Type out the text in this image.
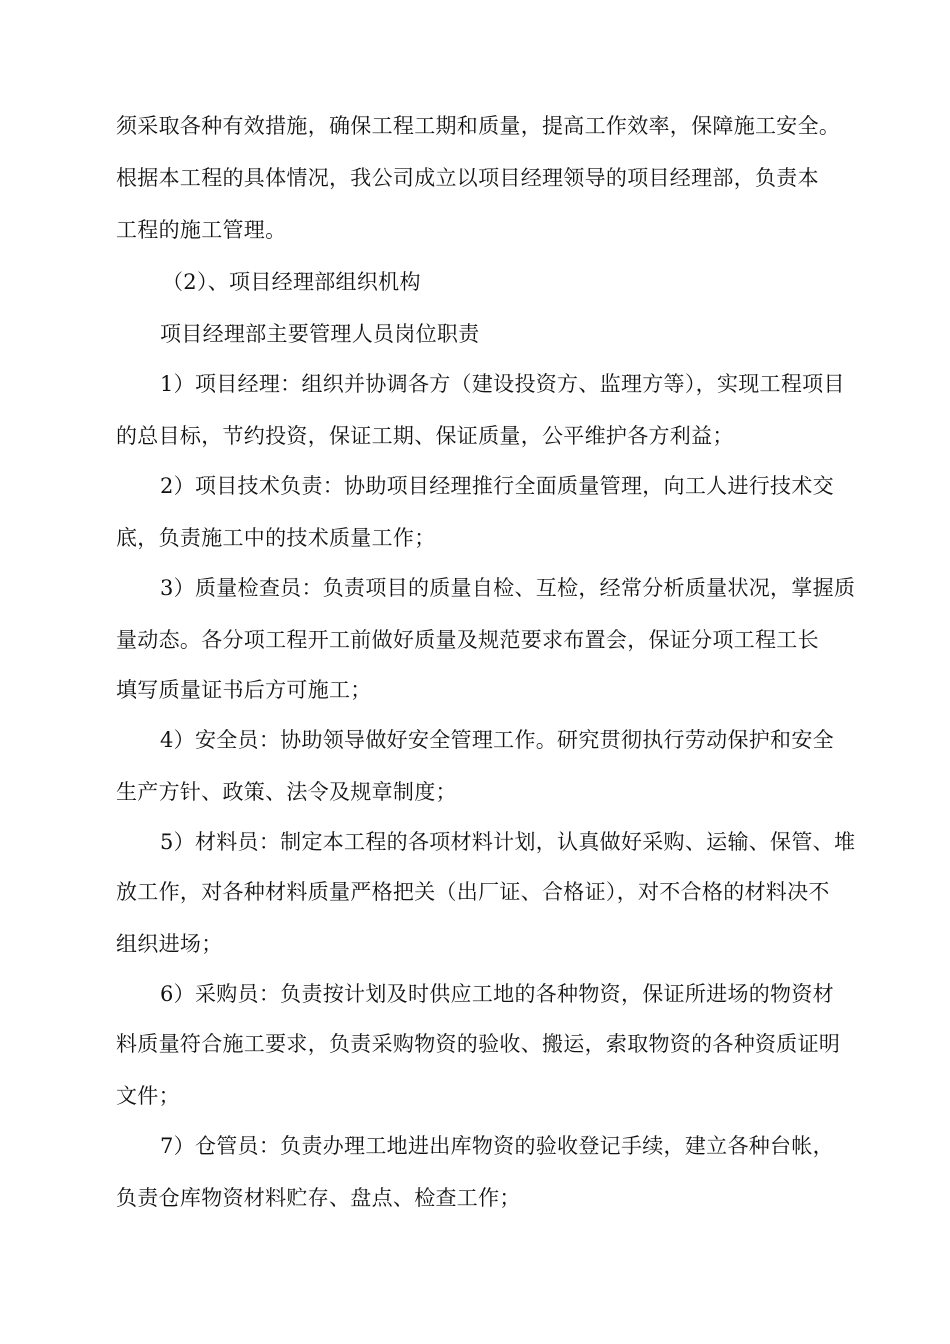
须采取各种有效措施，确保工程工期和质量，提高工作效率，保障施工安全。
根据本工程的具体情况，我公司成立以项目经理领导的项目经理部，负责本
工程的施工管理。
（2）、项目经理部组织机构
项目经理部主要管理人员岗位职责
1）项目经理：组织并协调各方（建设投资方、监理方等），实现工程项目
的总目标，节约投资，保证工期、保证质量，公平维护各方利益；
2）项目技术负责：协助项目经理推行全面质量管理，向工人进行技术交
底，负责施工中的技术质量工作；
3）质量检查员：负责项目的质量自检、互检，经常分析质量状况，掌握质
量动态。各分项工程开工前做好质量及规范要求布置会，保证分项工程工长
填写质量证书后方可施工；
4）安全员：协助领导做好安全管理工作。研究贯彻执行劳动保护和安全
生产方针、政策、法令及规章制度；
5）材料员：制定本工程的各项材料计划，认真做好采购、运输、保管、堆
放工作，对各种材料质量严格把关（出厂证、合格证），对不合格的材料决不
组织进场；
6）采购员：负责按计划及时供应工地的各种物资，保证所进场的物资材
料质量符合施工要求，负责采购物资的验收、搬运，索取物资的各种资质证明
文件；
7）仓管员：负责办理工地进出库物资的验收登记手续，建立各种台帐，
负责仓库物资材料贮存、盘点、检查工作；
